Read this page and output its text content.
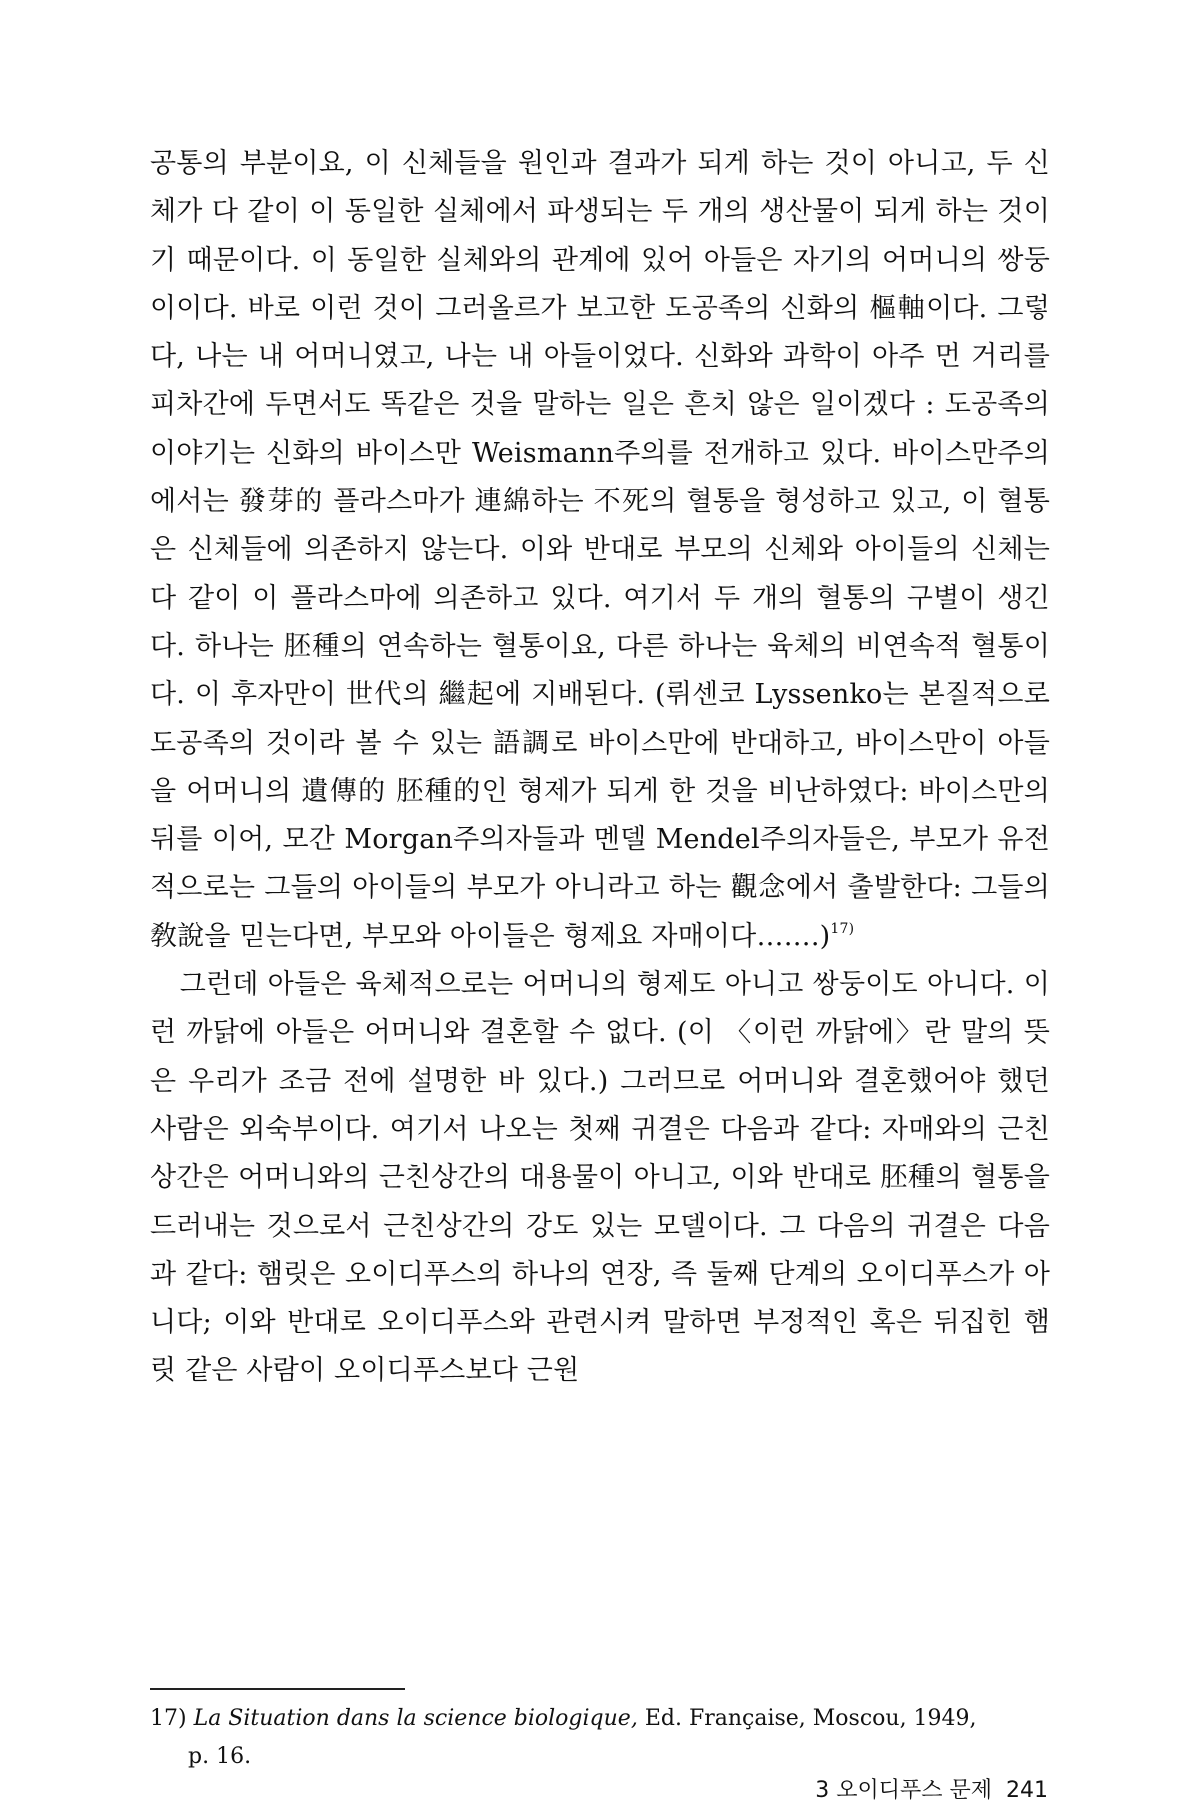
공통의 부분이요, 이 신체들을 원인과 결과가 되게 하는 것이 아니고, 두 신체가 다 같이 이 동일한 실체에서 파생되는 두 개의 생산물이 되게 하는 것이기 때문이다. 이 동일한 실체와의 관계에 있어 아들은 자기의 어머니의 쌍둥이이다. 바로 이런 것이 그러올르가 보고한 도공족의 신화의 樞軸이다. 그렇다, 나는 내 어머니였고, 나는 내 아들이었다. 신화와 과학이 아주 먼 거리를 피차간에 두면서도 똑같은 것을 말하는 일은 흔치 않은 일이겠다 : 도공족의 이야기는 신화의 바이스만 Weismann주의를 전개하고 있다. 바이스만주의에서는 發芽的 플라스마가 連綿하는 不死의 혈통을 형성하고 있고, 이 혈통은 신체들에 의존하지 않는다. 이와 반대로 부모의 신체와 아이들의 신체는 다 같이 이 플라스마에 의존하고 있다. 여기서 두 개의 혈통의 구별이 생긴다. 하나는 胚種의 연속하는 혈통이요, 다른 하나는 육체의 비연속적 혈통이다. 이 후자만이 世代의 繼起에 지배된다. (뤼센코 Lyssenko는 본질적으로 도공족의 것이라 볼 수 있는 語調로 바이스만에 반대하고, 바이스만이 아들을 어머니의 遺傳的 胚種的인 형제가 되게 한 것을 비난하였다: 바이스만의 뒤를 이어, 모간 Morgan주의자들과 멘델 Mendel주의자들은, 부모가 유전적으로는 그들의 아이들의 부모가 아니라고 하는 觀念에서 출발한다: 그들의 敎說을 믿는다면, 부모와 아이들은 형제요 자매이다…….)$^{17)}$

그런데 아들은 육체적으로는 어머니의 형제도 아니고 쌍둥이도 아니다. 이런 까닭에 아들은 어머니와 결혼할 수 없다. (이 〈이런 까닭에〉란 말의 뜻은 우리가 조금 전에 설명한 바 있다.) 그러므로 어머니와 결혼했어야 했던 사람은 외숙부이다. 여기서 나오는 첫째 귀결은 다음과 같다: 자매와의 근친상간은 어머니와의 근친상간의 대용물이 아니고, 이와 반대로 胚種의 혈통을 드러내는 것으로서 근친상간의 강도 있는 모델이다. 그 다음의 귀결은 다음과 같다: 햄릿은 오이디푸스의 하나의 연장, 즉 둘째 단계의 오이디푸스가 아니다; 이와 반대로 오이디푸스와 관련시켜 말하면 부정적인 혹은 뒤집힌 햄릿 같은 사람이 오이디푸스보다 근원

17) La Situation dans la science biologique, Ed. Française, Moscou, 1949,
p. 16.

3 오이디푸스 문제 241
